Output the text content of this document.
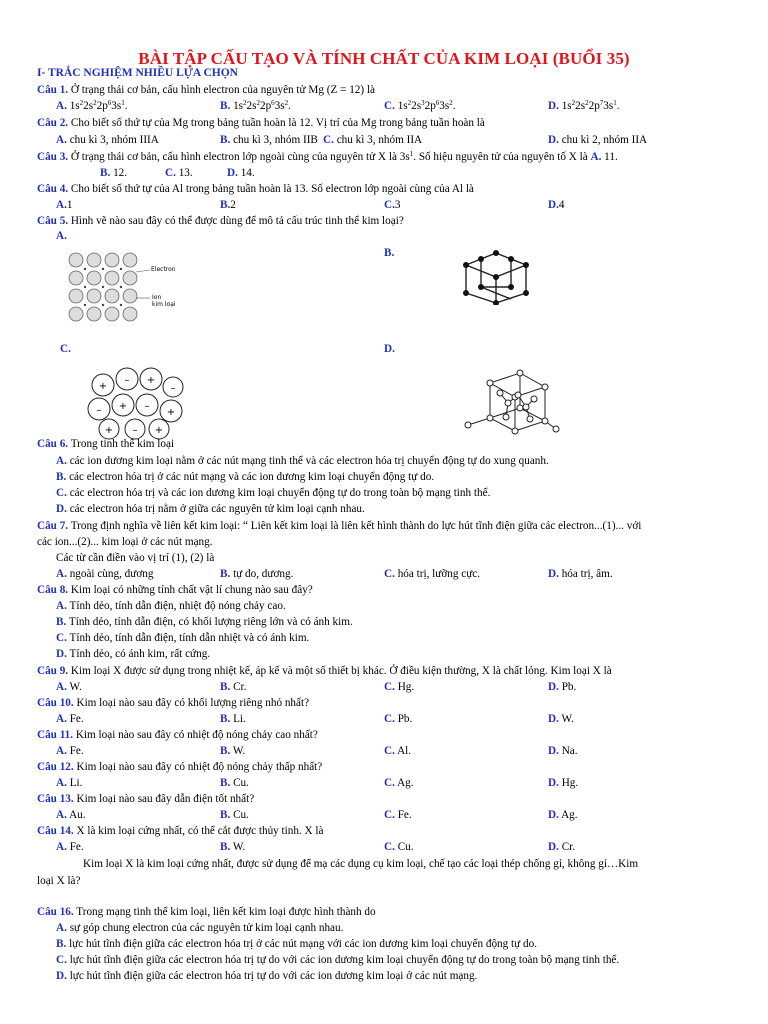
BÀI TẬP CẤU TẠO VÀ TÍNH CHẤT CỦA KIM LOẠI (BUỔI 35)
I- TRẮC NGHIỆM NHIỀU LỰA CHỌN
Câu 1. Ở trạng thái cơ bản, cấu hình electron của nguyên tử Mg (Z = 12) là
A. $1s^22s^22p^63s^1$.	B. $1s^22s^22p^63s^2$.	C. $1s^22s^32p^63s^2$.	D. $1s^22s^22p^73s^1$.
Câu 2. Cho biết số thứ tự của Mg trong bảng tuần hoàn là 12. Vị trí của Mg trong bảng tuần hoàn là
A. chu kì 3, nhóm IIIA	B. chu kì 3, nhóm IIB C. chu kì 3, nhóm IIA	D. chu kì 2, nhóm IIA
Câu 3. Ở trạng thái cơ bản, cấu hình electron lớp ngoài cùng của nguyên tử X là $3s^1$. Số hiệu nguyên tử của nguyên tố X là A. 11.
B. 12.	C. 13.	D. 14.
Câu 4. Cho biết số thứ tự của Al trong bảng tuần hoàn là 13. Số electron lớp ngoài cùng của Al là
A.1	B.2	C.3	D.4
Câu 5. Hình vẽ nào sau đây có thể được dùng để mô tả cấu trúc tinh thể kim loại?
A.
Electron
Ion
kim loại
B.
C.
+
– +
–
– + –
+
+ – +
D.
Câu 6. Trong tinh thể kim loại
A. các ion dương kim loại nằm ở các nút mạng tinh thể và các electron hóa trị chuyển động tự do xung quanh.
B. các electron hóa trị ở các nút mạng và các ion dương kim loại chuyển động tự do.
C. các electron hóa trị và các ion dương kim loại chuyển động tự do trong toàn bộ mạng tinh thể.
D. các electron hóa trị nằm ở giữa các nguyên tử kim loại cạnh nhau.
Câu 7. Trong định nghĩa về liên kết kim loại: “ Liên kết kim loại là liên kết hình thành do lực hút tĩnh điện giữa các electron...(1)... với
các ion...(2)... kim loại ở các nút mạng.
Các từ cần điền vào vị trí (1), (2) là
A. ngoài cùng, dương	B. tự do, dương.	C. hóa trị, lưỡng cực.	D. hóa trị, âm.
Câu 8. Kim loại có những tính chất vật lí chung nào sau đây?
A. Tính dẻo, tính dẫn điện, nhiệt độ nóng chảy cao.
B. Tính dẻo, tính dẫn điện, có khối lượng riêng lớn và có ánh kim.
C. Tính dẻo, tính dẫn điện, tính dẫn nhiệt và có ánh kim.
D. Tính dẻo, có ánh kim, rất cứng.
Câu 9. Kim loại X được sử dụng trong nhiệt kế, áp kế và một số thiết bị khác. Ở điều kiện thường, X là chất lỏng. Kim loại X là
A. W.	B. Cr.	C. Hg.	D. Pb.
Câu 10. Kim loại nào sau đây có khối lượng riêng nhỏ nhất?
A. Fe.	B. Li.	C. Pb.	D. W.
Câu 11. Kim loại nào sau đây có nhiệt độ nóng chảy cao nhất?
A. Fe.	B. W.	C. Al.	D. Na.
Câu 12. Kim loại nào sau đây có nhiệt độ nóng chảy thấp nhất?
A. Li.	B. Cu.	C. Ag.	D. Hg.
Câu 13. Kim loại nào sau đây dẫn điện tốt nhất?
A. Au.	B. Cu.	C. Fe.	D. Ag.
Câu 14. X là kim loại cứng nhất, có thể cắt được thủy tinh. X là
A. Fe.	B. W.	C. Cu.	D. Cr.
Kim loại X là kim loại cứng nhất, được sử dụng để mạ các dụng cụ kim loại, chế tạo các loại thép chống gỉ, không gỉ…Kim
loại X là?
Câu 16. Trong mạng tinh thể kim loại, liên kết kim loại được hình thành do
A. sự góp chung electron của các nguyên tử kim loại cạnh nhau.
B. lực hút tĩnh điện giữa các electron hóa trị ở các nút mạng với các ion dương kim loại chuyển động tự do.
C. lực hút tĩnh điện giữa các electron hóa trị tự do với các ion dương kim loại chuyển động tự do trong toàn bộ mạng tinh thể.
D. lực hút tĩnh điện giữa các electron hóa trị tự do với các ion dương kim loại ở các nút mạng.
